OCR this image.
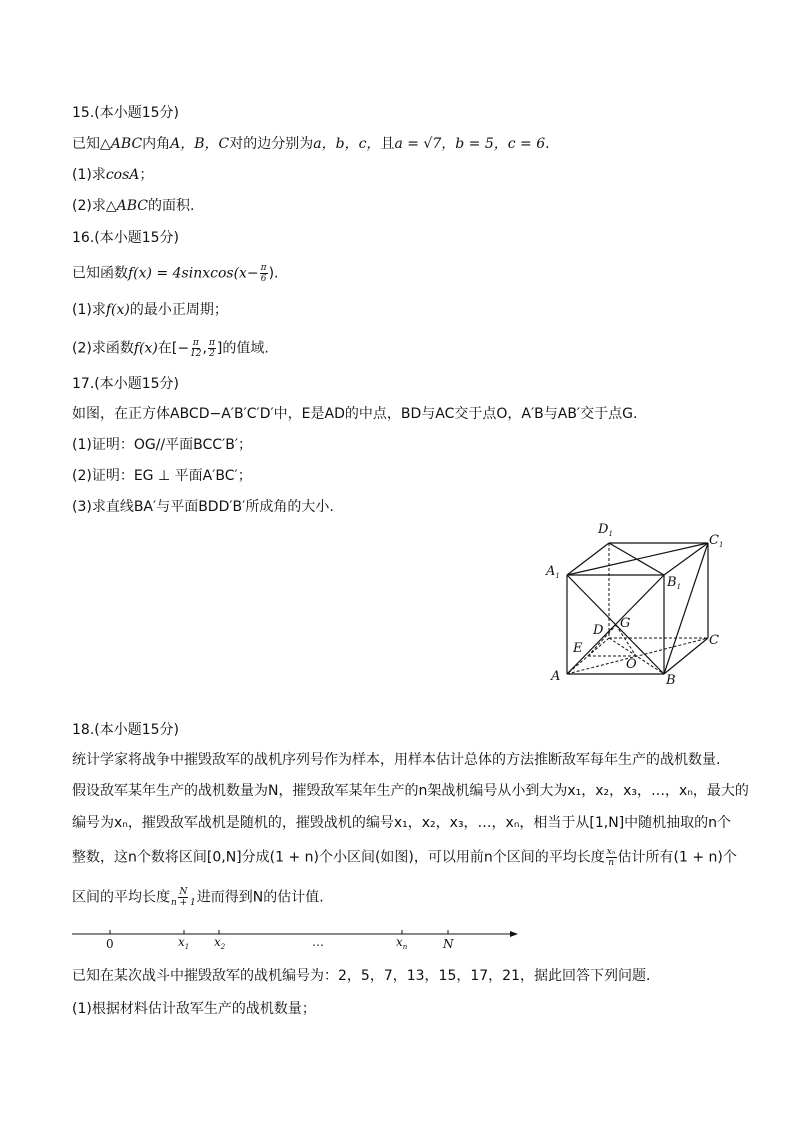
15.(本小题15分)
已知△ABC内角A，B，C对的边分别为a，b，c，且a = √7，b = 5，c = 6.
(1)求cosA；
(2)求△ABC的面积.
16.(本小题15分)
已知函数f(x) = 4sinxcos(x− $\frac{\pi}{6}$ ).
(1)求f(x)的最小正周期；
(2)求函数f(x)在[− $\frac{\pi}{12}$ , $\frac{\pi}{2}$ ]的值域.
17.(本小题15分)
如图，在正方体ABCD−A′B′C′D′中，E是AD的中点，BD与AC交于点O，A′B与AB′交于点G.
(1)证明：OG//平面BCC′B′；
(2)证明：EG ⊥ 平面A′BC′；
(3)求直线BA′与平面BDD′B′所成角的大小.
$D_1$	$C_1$
$A_1$	$B_1$
D G
C
E
O
A	B
18.(本小题15分)
统计学家将战争中摧毁敌军的战机序列号作为样本，用样本估计总体的方法推断敌军每年生产的战机数量.
假设敌军某年生产的战机数量为N，摧毁敌军某年生产的n架战机编号从小到大为x₁，x₂，x₃，…，xₙ，最大的
编号为xₙ，摧毁敌军战机是随机的，摧毁战机的编号x₁，x₂，x₃，…，xₙ，相当于从[1,N]中随机抽取的n个
整数，这n个数将区间[0,N]分成(1 + n)个小区间(如图)，可以用前n个区间的平均长度 $\frac{\text{xₙ}}{n}$ 估计所有(1 + n)个
区间的平均长度 $\frac{N}{n + 1}$ 进而得到N的估计值.
0	$x_1$ $x_2$	…	$x_n$	N
已知在某次战斗中摧毁敌军的战机编号为：2，5，7，13，15，17，21，据此回答下列问题.
(1)根据材料估计敌军生产的战机数量；
